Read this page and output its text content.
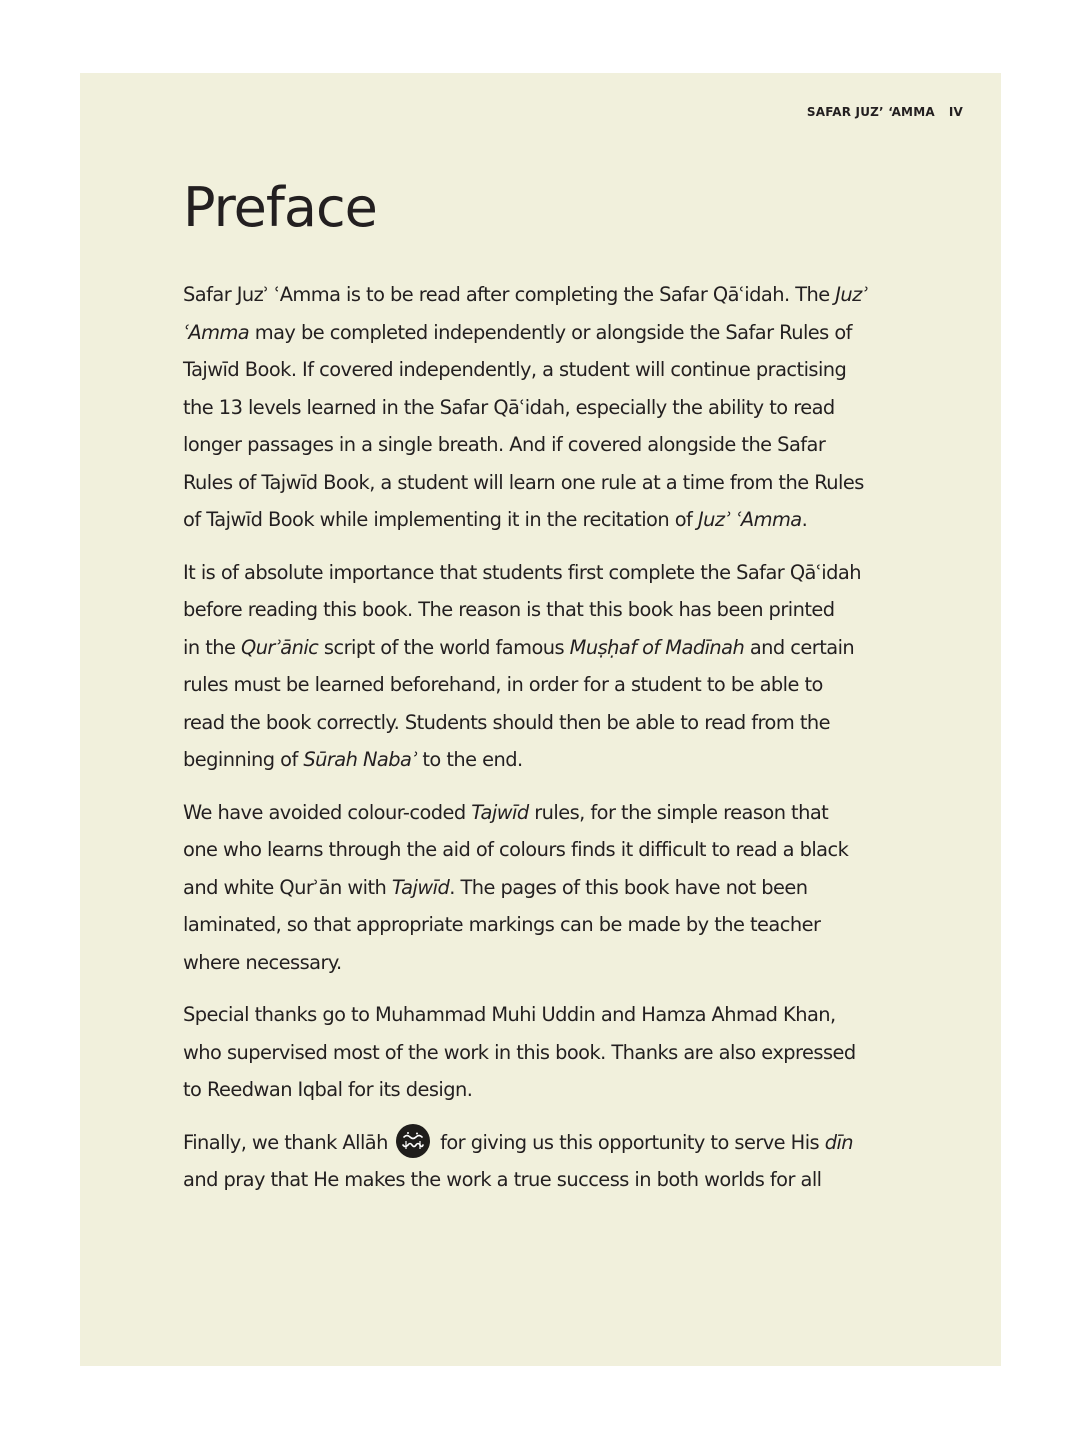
SAFAR JUZ’ ‘AMMA IV
Preface

Safar Juzʾ ʿAmma is to be read after completing the Safar Qāʿidah. The Juzʾ
ʿAmma may be completed independently or alongside the Safar Rules of
Tajwīd Book. If covered independently, a student will continue practising
the 13 levels learned in the Safar Qāʿidah, especially the ability to read
longer passages in a single breath. And if covered alongside the Safar
Rules of Tajwīd Book, a student will learn one rule at a time from the Rules
of Tajwīd Book while implementing it in the recitation of Juzʾ ʿAmma.

It is of absolute importance that students first complete the Safar Qāʿidah
before reading this book. The reason is that this book has been printed
in the Qurʾānic script of the world famous Muṣḥaf of Madīnah and certain
rules must be learned beforehand, in order for a student to be able to
read the book correctly. Students should then be able to read from the
beginning of Sūrah Nabaʾ to the end.

We have avoided colour-coded Tajwīd rules, for the simple reason that
one who learns through the aid of colours finds it difficult to read a black
and white Qurʾān with Tajwīd. The pages of this book have not been
laminated, so that appropriate markings can be made by the teacher
where necessary.

Special thanks go to Muhammad Muhi Uddin and Hamza Ahmad Khan,
who supervised most of the work in this book. Thanks are also expressed
to Reedwan Iqbal for its design.

Finally, we thank Allāh
for giving us this opportunity to serve His dīn
and pray that He makes the work a true success in both worlds for all
